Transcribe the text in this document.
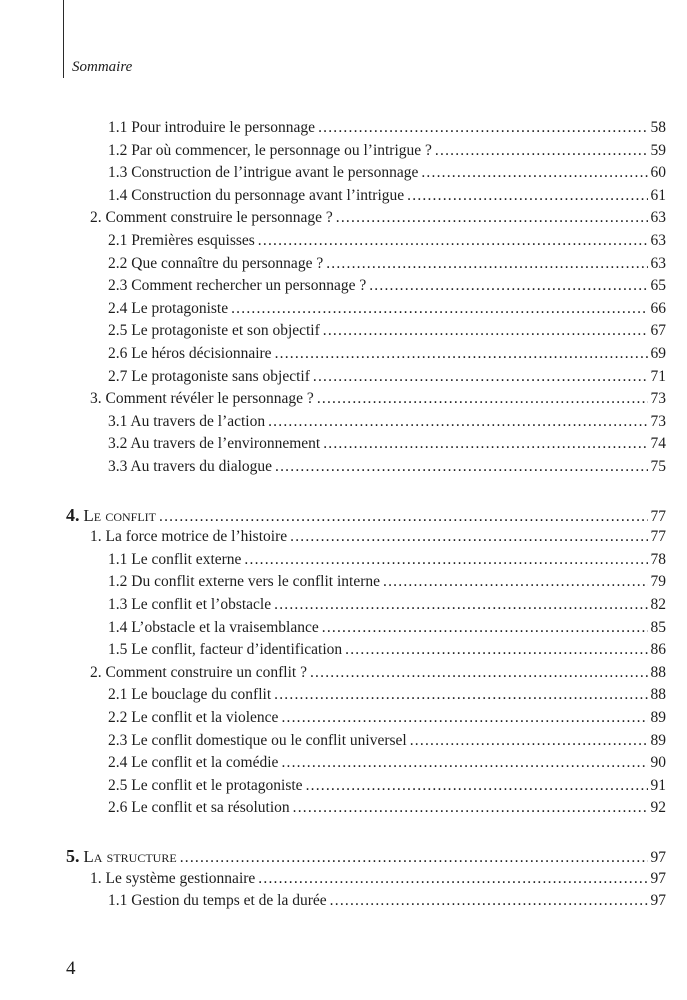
Sommaire
1.1 Pour introduire le personnage .....	58
1.2 Par où commencer, le personnage ou l’intrigue ? .....	59
1.3 Construction de l’intrigue avant le personnage .....	60
1.4 Construction du personnage avant l’intrigue .....	61
2. Comment construire le personnage ? .....	63
2.1 Premières esquisses .....	63
2.2 Que connaître du personnage ? .....	63
2.3 Comment rechercher un personnage ? .....	65
2.4 Le protagoniste .....	66
2.5 Le protagoniste et son objectif .....	67
2.6 Le héros décisionnaire .....	69
2.7 Le protagoniste sans objectif .....	71
3. Comment révéler le personnage ? .....	73
3.1 Au travers de l’action .....	73
3.2 Au travers de l’environnement .....	74
3.3 Au travers du dialogue .....	75
4. Le conflit .....	77
1. La force motrice de l’histoire .....	77
1.1 Le conflit externe .....	78
1.2 Du conflit externe vers le conflit interne .....	79
1.3 Le conflit et l’obstacle .....	82
1.4 L’obstacle et la vraisemblance .....	85
1.5 Le conflit, facteur d’identification .....	86
2. Comment construire un conflit ? .....	88
2.1 Le bouclage du conflit .....	88
2.2 Le conflit et la violence .....	89
2.3 Le conflit domestique ou le conflit universel .....	89
2.4 Le conflit et la comédie .....	90
2.5 Le conflit et le protagoniste .....	91
2.6 Le conflit et sa résolution .....	92
5. La structure .....	97
1. Le système gestionnaire .....	97
1.1 Gestion du temps et de la durée .....	97
4
